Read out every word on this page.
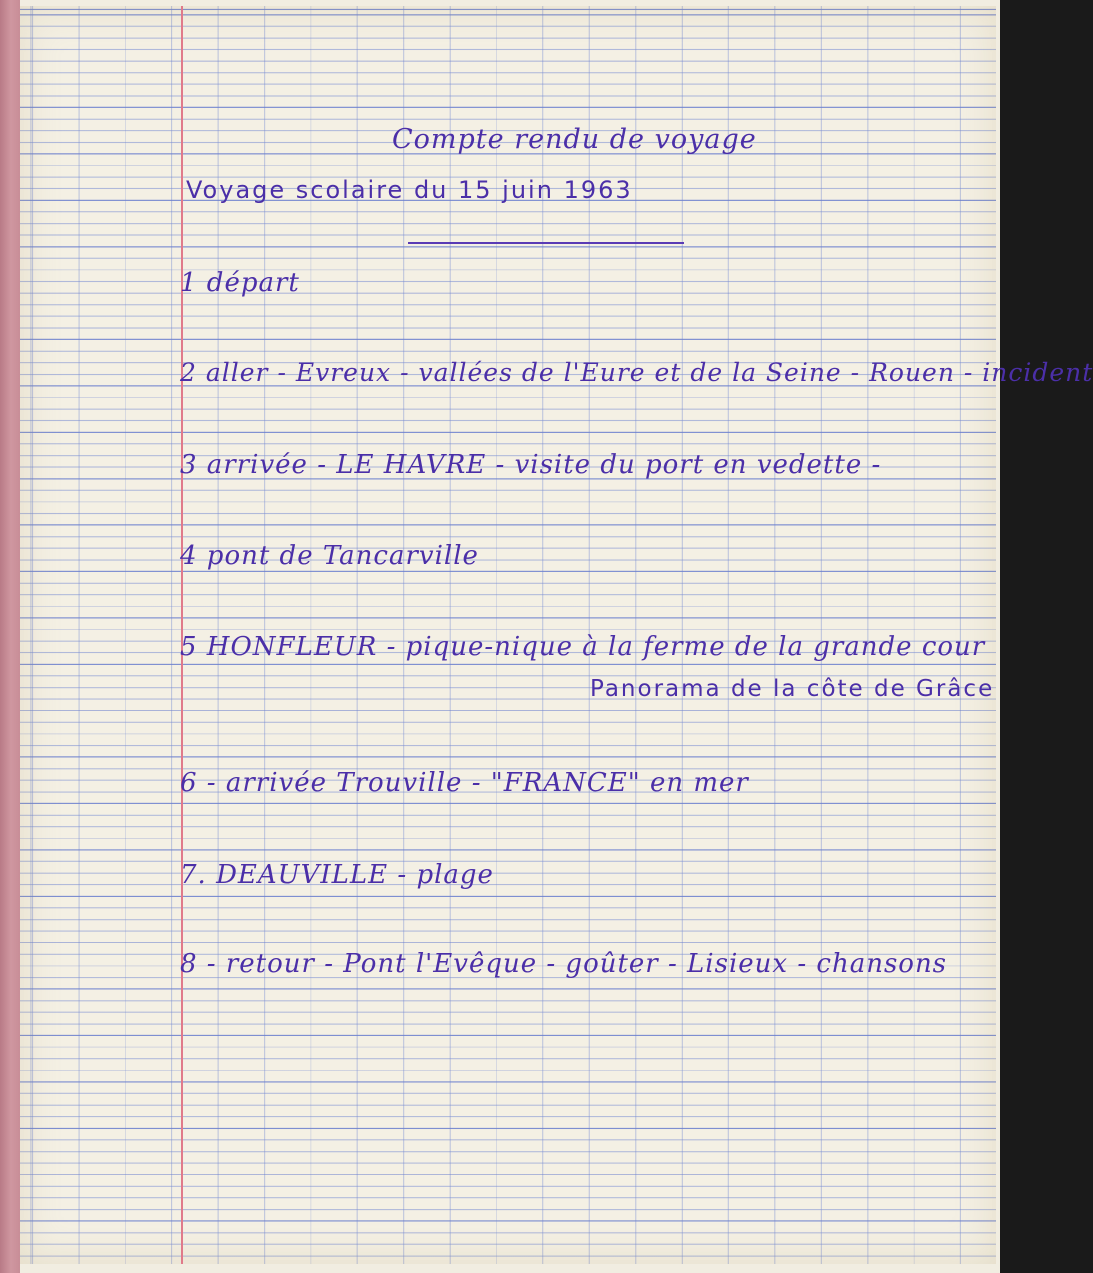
Compte rendu de voyage
Voyage scolaire du 15 juin 1963
1 départ
2 aller - Evreux - vallées de l'Eure et de la Seine - Rouen - incident
3 arrivée - LE HAVRE - visite du port en vedette -
4 pont de Tancarville
5 HONFLEUR - pique-nique à la ferme de la grande cour
Panorama de la côte de Grâce
6 - arrivée Trouville - "FRANCE" en mer
7. DEAUVILLE - plage
8 - retour - Pont l'Evêque - goûter - Lisieux - chansons
